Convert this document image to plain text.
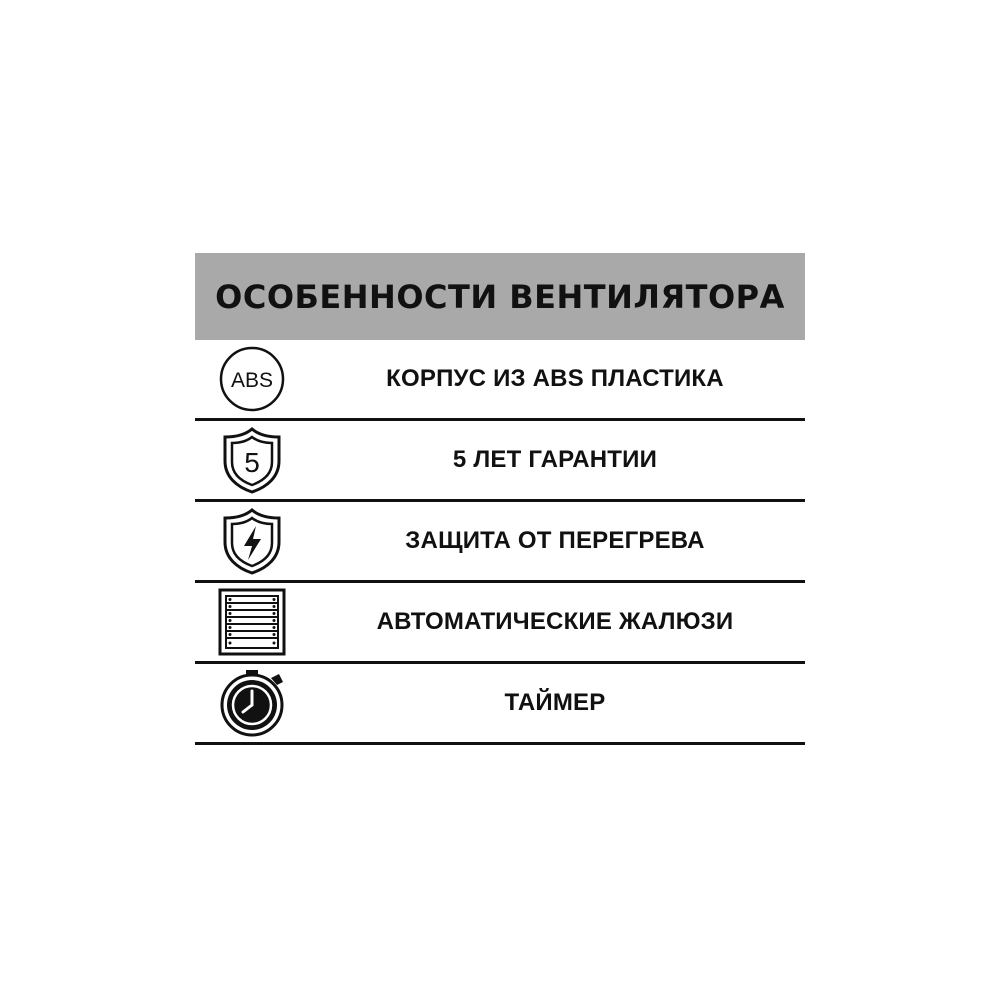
ОСОБЕННОСТИ ВЕНТИЛЯТОРА
ABS	КОРПУС ИЗ ABS ПЛАСТИКА
5	5 ЛЕТ ГАРАНТИИ
ЗАЩИТА ОТ ПЕРЕГРЕВА
АВТОМАТИЧЕСКИЕ ЖАЛЮЗИ
ТАЙМЕР
